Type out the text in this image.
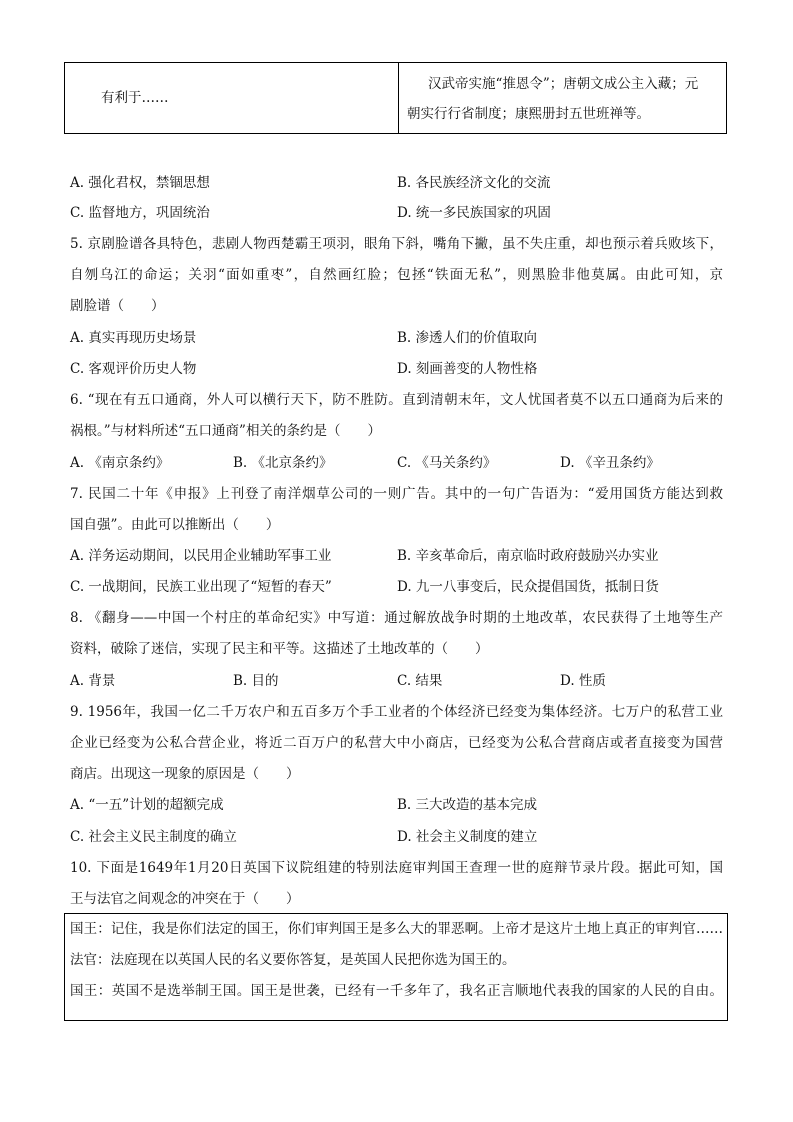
有利于……
汉武帝实施“推恩令”；唐朝文成公主入藏；元
朝实行行省制度；康熙册封五世班禅等。
A. 强化君权，禁锢思想	B. 各民族经济文化的交流
C. 监督地方，巩固统治	D. 统一多民族国家的巩固
5. 京剧脸谱各具特色，悲剧人物西楚霸王项羽，眼角下斜，嘴角下撇，虽不失庄重，却也预示着兵败垓下，
自刎乌江的命运；关羽“面如重枣”，自然画红脸；包拯“铁面无私”，则黑脸非他莫属。由此可知，京
剧脸谱（　　）
A. 真实再现历史场景	B. 渗透人们的价值取向
C. 客观评价历史人物	D. 刻画善变的人物性格
6. “现在有五口通商，外人可以横行天下，防不胜防。直到清朝末年，文人忧国者莫不以五口通商为后来的
祸根。”与材料所述“五口通商”相关的条约是（　　）
A. 《南京条约》	B. 《北京条约》	C. 《马关条约》	D. 《辛丑条约》
7. 民国二十年《申报》上刊登了南洋烟草公司的一则广告。其中的一句广告语为：“爱用国货方能达到救
国自强”。由此可以推断出（　　）
A. 洋务运动期间，以民用企业辅助军事工业	B. 辛亥革命后，南京临时政府鼓励兴办实业
C. 一战期间，民族工业出现了“短暂的春天”	D. 九一八事变后，民众提倡国货，抵制日货
8. 《翻身——中国一个村庄的革命纪实》中写道：通过解放战争时期的土地改革，农民获得了土地等生产
资料，破除了迷信，实现了民主和平等。这描述了土地改革的（　　）
A. 背景	B. 目的	C. 结果	D. 性质
9. 1956年，我国一亿二千万农户和五百多万个手工业者的个体经济已经变为集体经济。七万户的私营工业
企业已经变为公私合营企业，将近二百万户的私营大中小商店，已经变为公私合营商店或者直接变为国营
商店。出现这一现象的原因是（　　）
A. “一五”计划的超额完成	B. 三大改造的基本完成
C. 社会主义民主制度的确立	D. 社会主义制度的建立
10. 下面是1649年1月20日英国下议院组建的特别法庭审判国王查理一世的庭辩节录片段。据此可知，国
王与法官之间观念的冲突在于（　　）
国王：记住，我是你们法定的国王，你们审判国王是多么大的罪恶啊。上帝才是这片土地上真正的审判官……
法官：法庭现在以英国人民的名义要你答复，是英国人民把你选为国王的。
国王：英国不是选举制王国。国王是世袭，已经有一千多年了，我名正言顺地代表我的国家的人民的自由。
